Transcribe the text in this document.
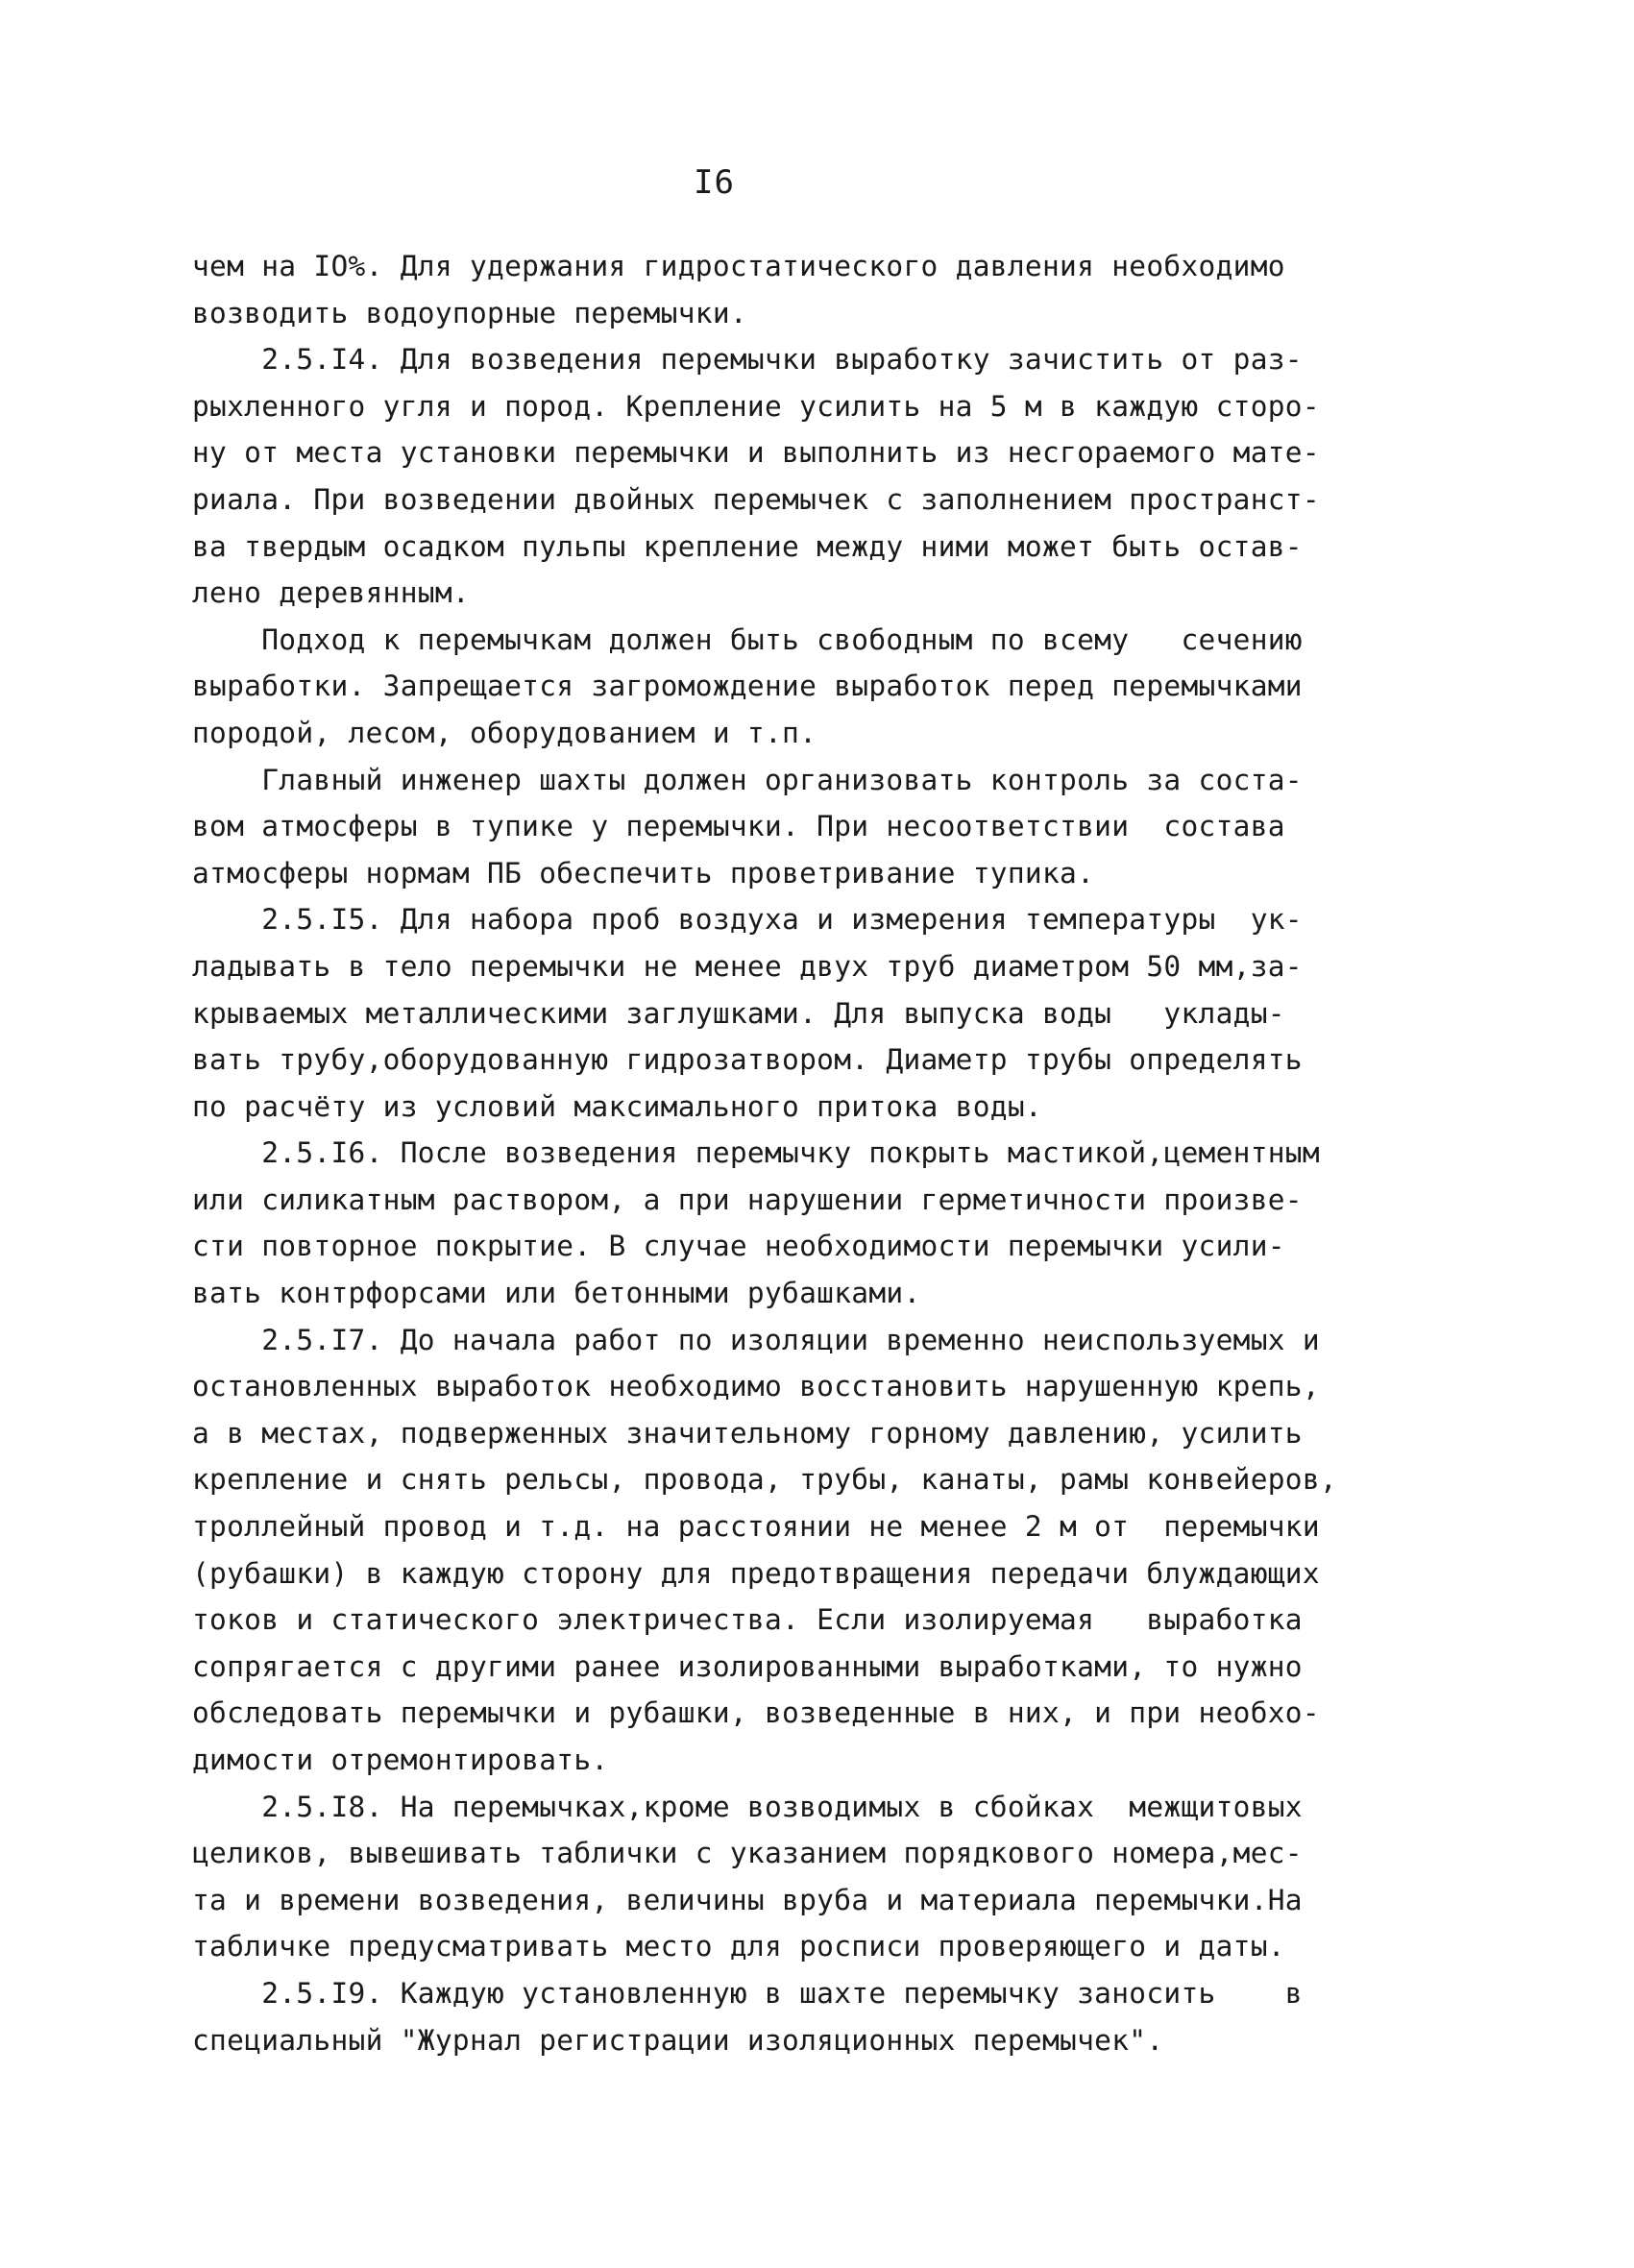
I6
чем на IO%. Для удержания гидростатического давления необходимо
возводить водоупорные перемычки.
2.5.I4. Для возведения перемычки выработку зачистить от раз-
рыхленного угля и пород. Крепление усилить на 5 м в каждую сторо-
ну от места установки перемычки и выполнить из несгораемого мате-
риала. При возведении двойных перемычек с заполнением пространст-
ва твердым осадком пульпы крепление между ними может быть остав-
лено деревянным.
Подход к перемычкам должен быть свободным по всему   сечению
выработки. Запрещается загромождение выработок перед перемычками
породой, лесом, оборудованием и т.п.
Главный инженер шахты должен организовать контроль за соста-
вом атмосферы в тупике у перемычки. При несоответствии  состава
атмосферы нормам ПБ обеспечить проветривание тупика.
2.5.I5. Для набора проб воздуха и измерения температуры  ук-
ладывать в тело перемычки не менее двух труб диаметром 50 мм,за-
крываемых металлическими заглушками. Для выпуска воды   уклады-
вать трубу,оборудованную гидрозатвором. Диаметр трубы определять
по расчёту из условий максимального притока воды.
2.5.I6. После возведения перемычку покрыть мастикой,цементным
или силикатным раствором, а при нарушении герметичности произве-
сти повторное покрытие. В случае необходимости перемычки усили-
вать контрфорсами или бетонными рубашками.
2.5.I7. До начала работ по изоляции временно неиспользуемых и
остановленных выработок необходимо восстановить нарушенную крепь,
а в местах, подверженных значительному горному давлению, усилить
крепление и снять рельсы, провода, трубы, канаты, рамы конвейеров,
троллейный провод и т.д. на расстоянии не менее 2 м от  перемычки
(рубашки) в каждую сторону для предотвращения передачи блуждающих
токов и статического электричества. Если изолируемая   выработка
сопрягается с другими ранее изолированными выработками, то нужно
обследовать перемычки и рубашки, возведенные в них, и при необхо-
димости отремонтировать.
2.5.I8. На перемычках,кроме возводимых в сбойках  межщитовых
целиков, вывешивать таблички с указанием порядкового номера,мес-
та и времени возведения, величины вруба и материала перемычки.На
табличке предусматривать место для росписи проверяющего и даты.
2.5.I9. Каждую установленную в шахте перемычку заносить    в
специальный "Журнал регистрации изоляционных перемычек".
